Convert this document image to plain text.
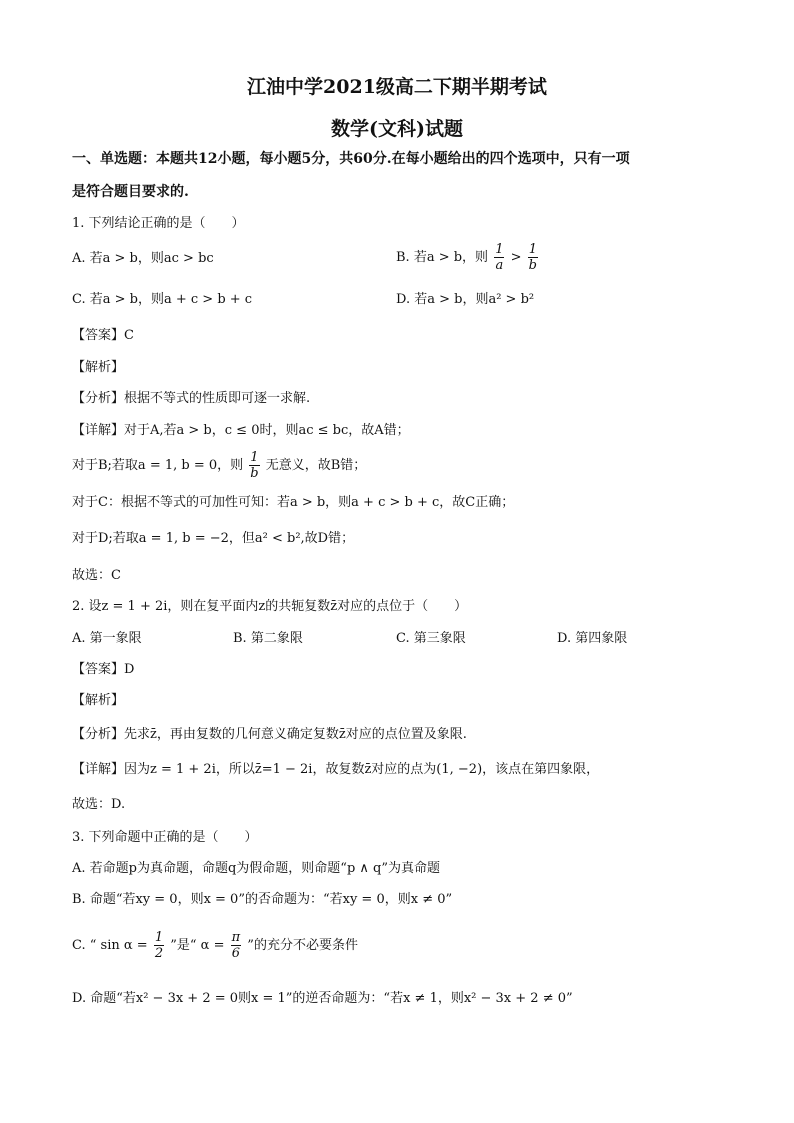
江油中学2021级高二下期半期考试
数学(文科)试题
一、单选题：本题共12小题，每小题5分，共60分.在每小题给出的四个选项中，只有一项
是符合题目要求的.
1. 下列结论正确的是（　　）
A. 若a > b，则ac > bc	B. 若a > b，则 $\frac{1}{a} > \frac{1}{b}$
C. 若a > b，则a + c > b + c	D. 若a > b，则a² > b²
【答案】C
【解析】
【分析】根据不等式的性质即可逐一求解.
【详解】对于A,若a > b，c ≤ 0时，则ac ≤ bc，故A错；
对于B;若取a = 1, b = 0，则 $\frac{1}{b}$ 无意义，故B错；
对于C：根据不等式的可加性可知：若a > b，则a + c > b + c，故C正确；
对于D;若取a = 1, b = −2，但a² < b²,故D错；
故选：C
2. 设z = 1 + 2i，则在复平面内z的共轭复数z̄对应的点位于（　　）
A. 第一象限	B. 第二象限	C. 第三象限	D. 第四象限
【答案】D
【解析】
【分析】先求z̄，再由复数的几何意义确定复数z̄对应的点位置及象限.
【详解】因为z = 1 + 2i，所以z̄=1 − 2i，故复数z̄对应的点为(1, −2)，该点在第四象限，
故选：D.
3. 下列命题中正确的是（　　）
A. 若命题p为真命题，命题q为假命题，则命题“p ∧ q”为真命题
B. 命题“若xy = 0，则x = 0”的否命题为：“若xy = 0，则x ≠ 0”
C. “ $\sin \alpha = \frac{1}{2}$ ”是“ $\alpha = \frac{\pi}{6}$ ”的充分不必要条件
D. 命题“若x² − 3x + 2 = 0则x = 1”的逆否命题为：“若x ≠ 1，则x² − 3x + 2 ≠ 0”
